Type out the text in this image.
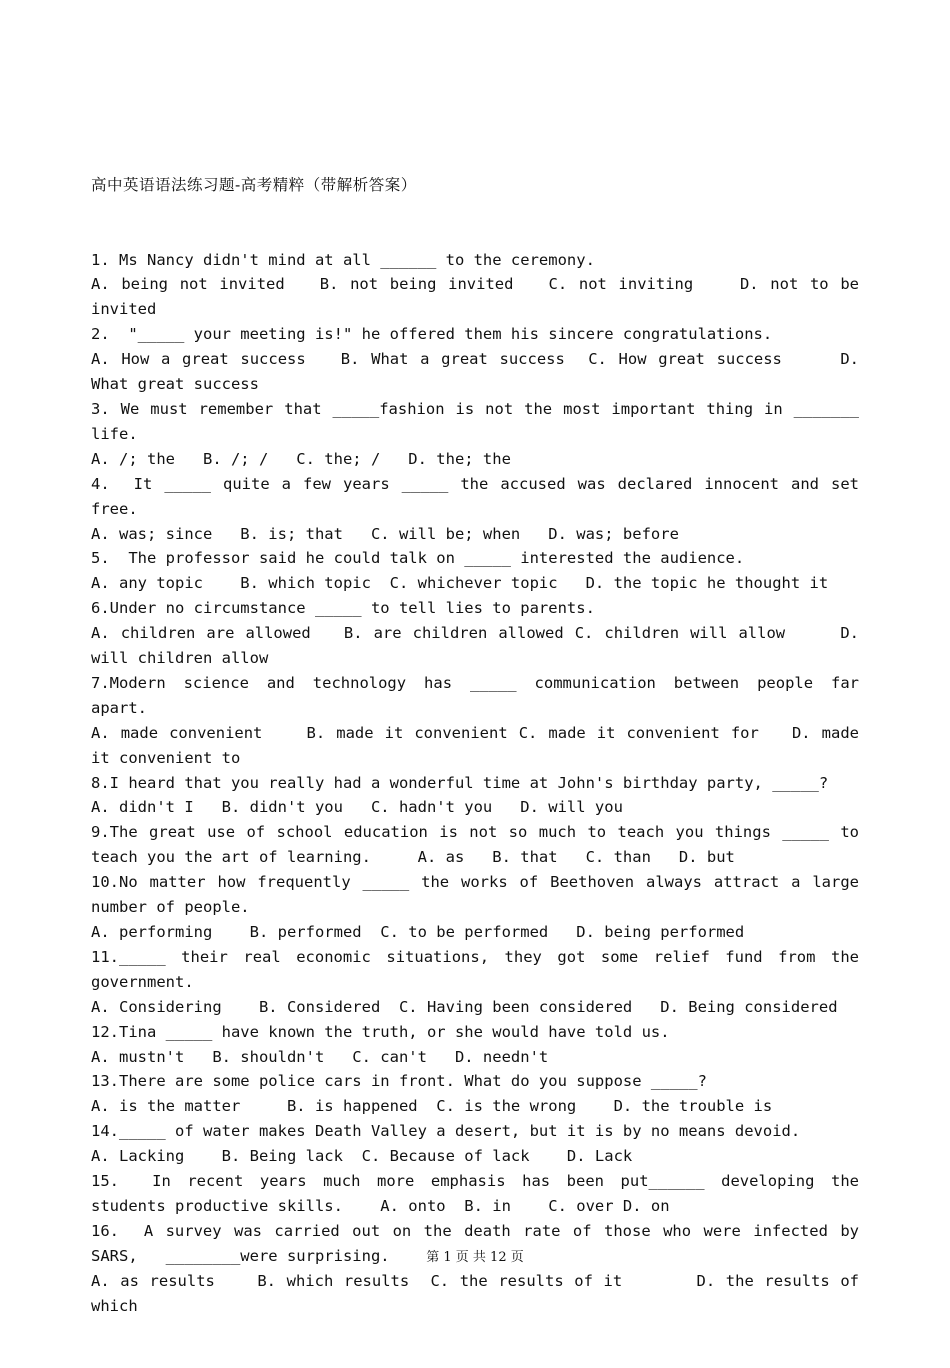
高中英语语法练习题-高考精粹（带解析答案）

1. Ms Nancy didn't mind at all ______ to the ceremony.
A. being not invited   B. not being invited   C. not inviting    D. not to be
invited
2.  "_____ your meeting is!" he offered them his sincere congratulations.
A. How a great success   B. What a great success  C. How great success     D.
What great success
3. We must remember that _____fashion is not the most important thing in _______
life.
A. /; the   B. /; /   C. the; /   D. the; the
4.  It _____ quite a few years _____ the accused was declared innocent and set
free.
A. was; since   B. is; that   C. will be; when   D. was; before
5.  The professor said he could talk on _____ interested the audience.
A. any topic    B. which topic  C. whichever topic   D. the topic he thought it
6.Under no circumstance _____ to tell lies to parents.
A. children are allowed   B. are children allowed C. children will allow     D.
will children allow
7.Modern science and technology has _____ communication between people far
apart.
A. made convenient    B. made it convenient C. made it convenient for   D. made
it convenient to
8.I heard that you really had a wonderful time at John's birthday party, _____?
A. didn't I   B. didn't you   C. hadn't you   D. will you
9.The great use of school education is not so much to teach you things _____ to
teach you the art of learning.     A. as   B. that   C. than   D. but
10.No matter how frequently _____ the works of Beethoven always attract a large
number of people.
A. performing    B. performed  C. to be performed   D. being performed
11._____ their real economic situations, they got some relief fund from the
government.
A. Considering    B. Considered  C. Having been considered   D. Being considered
12.Tina _____ have known the truth, or she would have told us.
A. mustn't   B. shouldn't   C. can't   D. needn't
13.There are some police cars in front. What do you suppose _____?
A. is the matter     B. is happened  C. is the wrong    D. the trouble is
14._____ of water makes Death Valley a desert, but it is by no means devoid.
A. Lacking    B. Being lack  C. Because of lack    D. Lack
15.  In recent years much more emphasis has been put______ developing the
students productive skills.    A. onto  B. in    C. over D. on
16.  A survey was carried out on the death rate of those who were infected by
SARS,   ________were surprising.
A. as results    B. which results  C. the results of it       D. the results of
which

第 1 页 共 12 页
